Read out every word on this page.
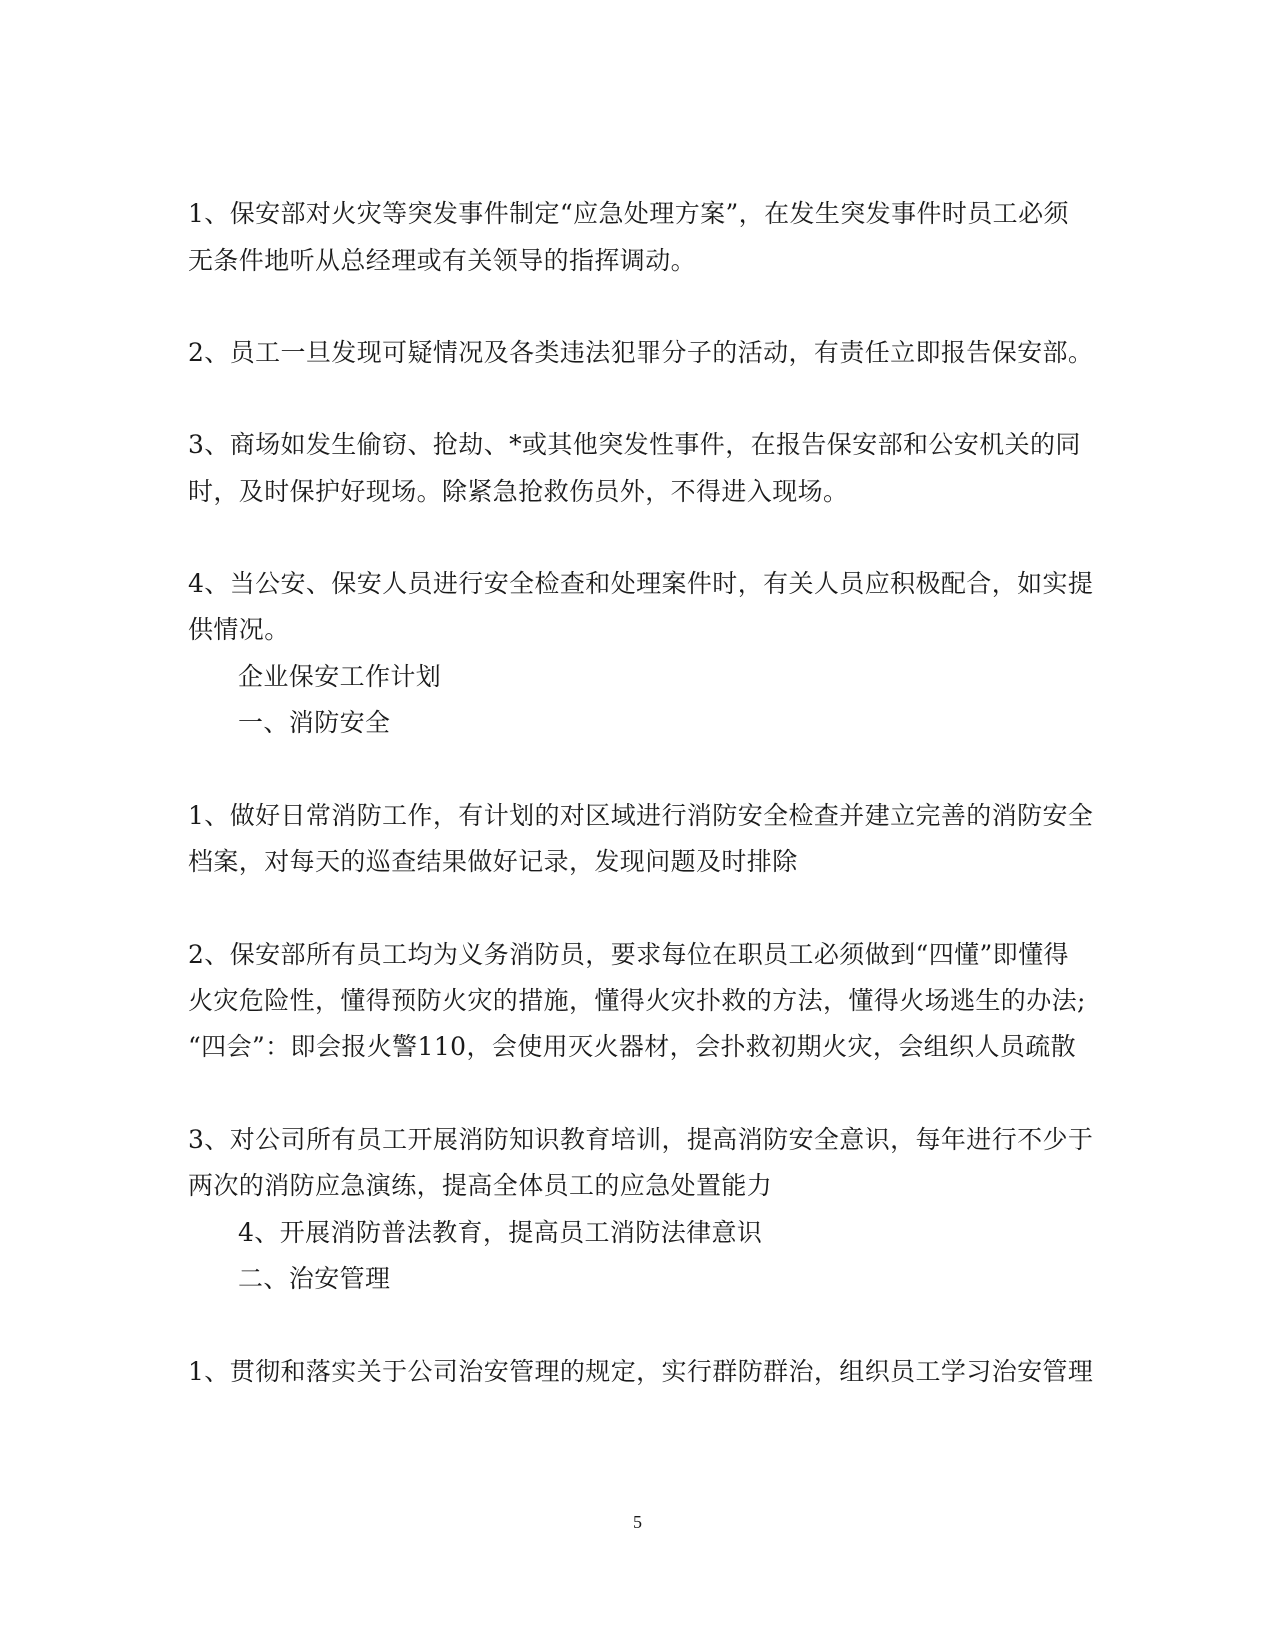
1、保安部对火灾等突发事件制定“应急处理方案”，在发生突发事件时员工必须
无条件地听从总经理或有关领导的指挥调动。
2、员工一旦发现可疑情况及各类违法犯罪分子的活动，有责任立即报告保安部。
3、商场如发生偷窃、抢劫、*或其他突发性事件，在报告保安部和公安机关的同
时，及时保护好现场。除紧急抢救伤员外，不得进入现场。
4、当公安、保安人员进行安全检查和处理案件时，有关人员应积极配合，如实提
供情况。
企业保安工作计划
一、消防安全
1、做好日常消防工作，有计划的对区域进行消防安全检查并建立完善的消防安全
档案，对每天的巡查结果做好记录，发现问题及时排除
2、保安部所有员工均为义务消防员，要求每位在职员工必须做到“四懂”即懂得
火灾危险性，懂得预防火灾的措施，懂得火灾扑救的方法，懂得火场逃生的办法;
“四会”：即会报火警110，会使用灭火器材，会扑救初期火灾，会组织人员疏散
3、对公司所有员工开展消防知识教育培训，提高消防安全意识，每年进行不少于
两次的消防应急演练，提高全体员工的应急处置能力
4、开展消防普法教育，提高员工消防法律意识
二、治安管理
1、贯彻和落实关于公司治安管理的规定，实行群防群治，组织员工学习治安管理
5
